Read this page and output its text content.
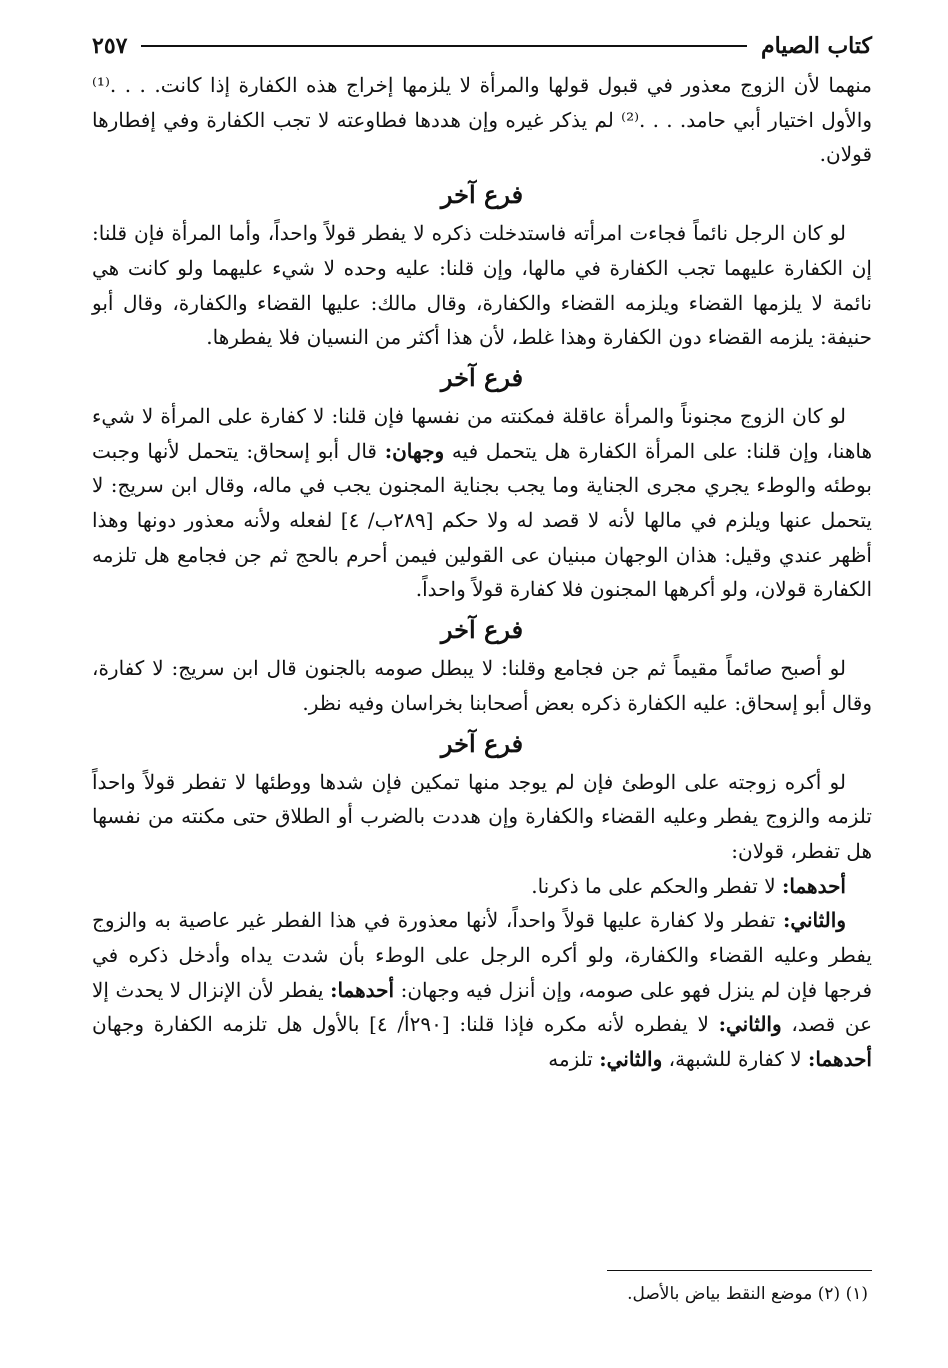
كتاب الصيام
٢٥٧

منهما لأن الزوج معذور في قبول قولها والمرأة لا يلزمها إخراج هذه الكفارة إذا كانت. . . .⁽¹⁾ والأول اختيار أبي حامد. . . .⁽²⁾ لم يذكر غيره وإن هددها فطاوعته لا تجب الكفارة وفي إفطارها قولان.

فرع آخر

لو كان الرجل نائماً فجاءت امرأته فاستدخلت ذكره لا يفطر قولاً واحداً، وأما المرأة فإن قلنا: إن الكفارة عليهما تجب الكفارة في مالها، وإن قلنا: عليه وحده لا شيء عليهما ولو كانت هي نائمة لا يلزمها القضاء ويلزمه القضاء والكفارة، وقال مالك: عليها القضاء والكفارة، وقال أبو حنيفة: يلزمه القضاء دون الكفارة وهذا غلط، لأن هذا أكثر من النسيان فلا يفطرها.

فرع آخر

لو كان الزوج مجنوناً والمرأة عاقلة فمكنته من نفسها فإن قلنا: لا كفارة على المرأة لا شيء هاهنا، وإن قلنا: على المرأة الكفارة هل يتحمل فيه وجهان: قال أبو إسحاق: يتحمل لأنها وجبت بوطئه والوطء يجري مجرى الجناية وما يجب بجناية المجنون يجب في ماله، وقال ابن سريج: لا يتحمل عنها ويلزم في مالها لأنه لا قصد له ولا حكم [٢٨٩ب/ ٤] لفعله ولأنه معذور دونها وهذا أظهر عندي وقيل: هذان الوجهان مبنيان عى القولين فيمن أحرم بالحج ثم جن فجامع هل تلزمه الكفارة قولان، ولو أكرهها المجنون فلا كفارة قولاً واحداً.

فرع آخر

لو أصبح صائماً مقيماً ثم جن فجامع وقلنا: لا يبطل صومه بالجنون قال ابن سريج: لا كفارة، وقال أبو إسحاق: عليه الكفارة ذكره بعض أصحابنا بخراسان وفيه نظر.

فرع آخر

لو أكره زوجته على الوطئ فإن لم يوجد منها تمكين فإن شدها ووطئها لا تفطر قولاً واحداً تلزمه والزوج يفطر وعليه القضاء والكفارة وإن هددت بالضرب أو الطلاق حتى مكنته من نفسها هل تفطر، قولان:

أحدهما: لا تفطر والحكم على ما ذكرنا.

والثاني: تفطر ولا كفارة عليها قولاً واحداً، لأنها معذورة في هذا الفطر غير عاصية به والزوج يفطر وعليه القضاء والكفارة، ولو أكره الرجل على الوطء بأن شدت يداه وأدخل ذكره في فرجها فإن لم ينزل فهو على صومه، وإن أنزل فيه وجهان: أحدهما: يفطر لأن الإنزال لا يحدث إلا عن قصد، والثاني: لا يفطره لأنه مكره فإذا قلنا: [٢٩٠أ/ ٤] بالأول هل تلزمه الكفارة وجهان أحدهما: لا كفارة للشبهة، والثاني: تلزمه

(١) (٢) موضع النقط بياض بالأصل.
